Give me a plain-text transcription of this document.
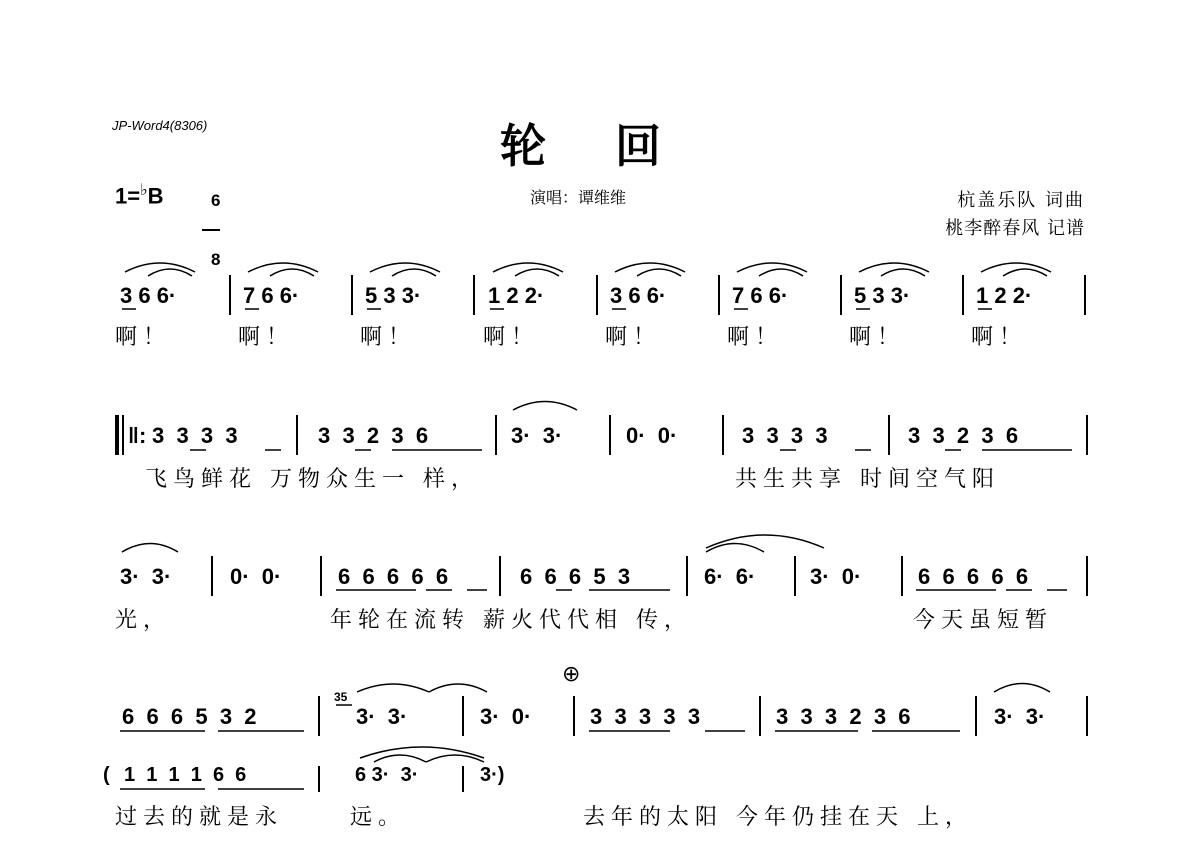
JP-Word4(8306)	轮　回
1=♭B	6

8

演唱：谭维维	杭盖乐队 词曲
桃李醉春风 记谱
3 6 6·	7 6 6·	5 3 3·	1 2 2·	3 6 6·	7 6 6·	5 3 3·	1 2 2·
啊！	啊！	啊！	啊！	啊！	啊！	啊！	啊！
‖: 3  3  3  3	3  3  2  3  6	3·  3·	0·  0·	3  3  3  3	3  3  2  3  6
飞鸟鲜花 万物众生一 样，	共生共享 时间空气阳
3·  3·	0·  0·	6  6  6  6  6	6  6  6  5  3	6·  6· 3·  0·	6  6  6  6  6
光，	年轮在流转 薪火代代相 传，	今天虽短暂
⊕
35
6  6  6  5  3  2	3·  3·	3·  0·	3  3  3  3  3	3  3  3  2  3  6	3·  3·
( 1  1  1  1  6  6	6 3·  3·	3·)
过去的就是永	远。	去年的太阳 今年仍挂在天 上，
